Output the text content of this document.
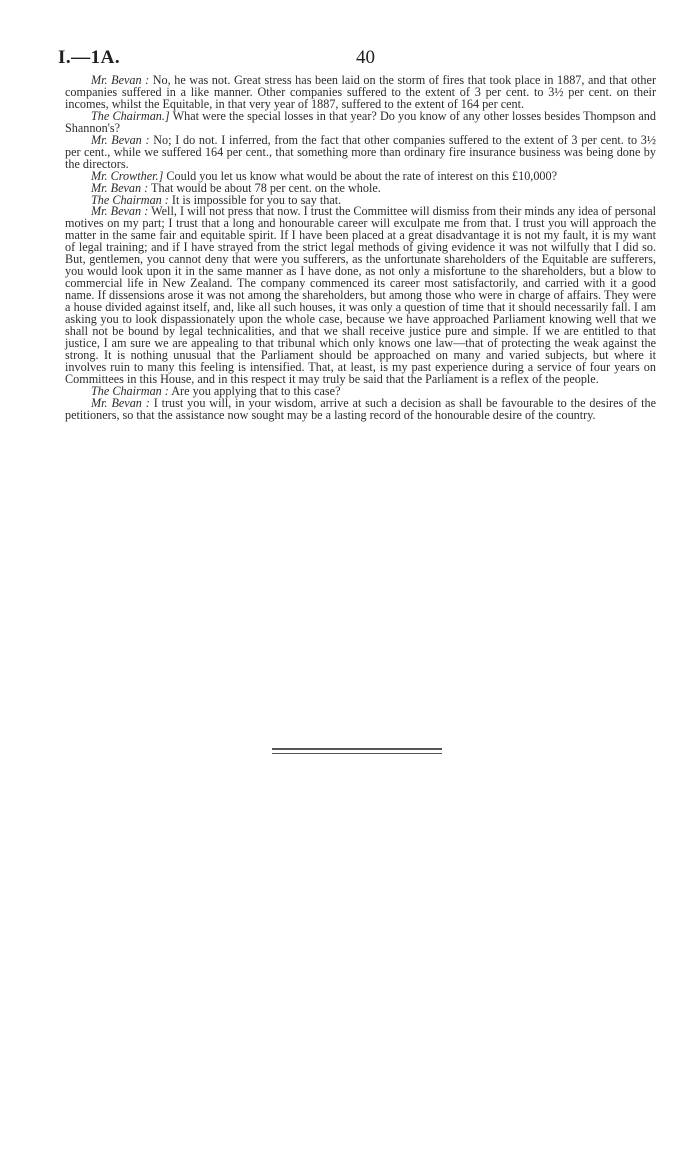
I.—1A.	40

Mr. Bevan : No, he was not. Great stress has been laid on the storm of fires that took place in 1887, and that other companies suffered in a like manner. Other companies suffered to the extent of 3 per cent. to 3½ per cent. on their incomes, whilst the Equitable, in that very year of 1887, suffered to the extent of 164 per cent.

The Chairman.] What were the special losses in that year? Do you know of any other losses besides Thompson and Shannon's?

Mr. Bevan : No; I do not. I inferred, from the fact that other companies suffered to the extent of 3 per cent. to 3½ per cent., while we suffered 164 per cent., that something more than ordinary fire insurance business was being done by the directors.

Mr. Crowther.] Could you let us know what would be about the rate of interest on this £10,000?

Mr. Bevan : That would be about 78 per cent. on the whole.

The Chairman : It is impossible for you to say that.

Mr. Bevan : Well, I will not press that now. I trust the Committee will dismiss from their minds any idea of personal motives on my part; I trust that a long and honourable career will exculpate me from that. I trust you will approach the matter in the same fair and equitable spirit. If I have been placed at a great disadvantage it is not my fault, it is my want of legal training; and if I have strayed from the strict legal methods of giving evidence it was not wilfully that I did so. But, gentlemen, you cannot deny that were you sufferers, as the unfortunate shareholders of the Equitable are sufferers, you would look upon it in the same manner as I have done, as not only a misfortune to the shareholders, but a blow to commercial life in New Zealand. The company commenced its career most satisfactorily, and carried with it a good name. If dissensions arose it was not among the shareholders, but among those who were in charge of affairs. They were a house divided against itself, and, like all such houses, it was only a question of time that it should necessarily fall. I am asking you to look dispassionately upon the whole case, because we have approached Parliament knowing well that we shall not be bound by legal technicalities, and that we shall receive justice pure and simple. If we are entitled to that justice, I am sure we are appealing to that tribunal which only knows one law—that of protecting the weak against the strong. It is nothing unusual that the Parliament should be approached on many and varied subjects, but where it involves ruin to many this feeling is intensified. That, at least, is my past experience during a service of four years on Committees in this House, and in this respect it may truly be said that the Parliament is a reflex of the people.

The Chairman : Are you applying that to this case?

Mr. Bevan : I trust you will, in your wisdom, arrive at such a decision as shall be favourable to the desires of the petitioners, so that the assistance now sought may be a lasting record of the honourable desire of the country.
